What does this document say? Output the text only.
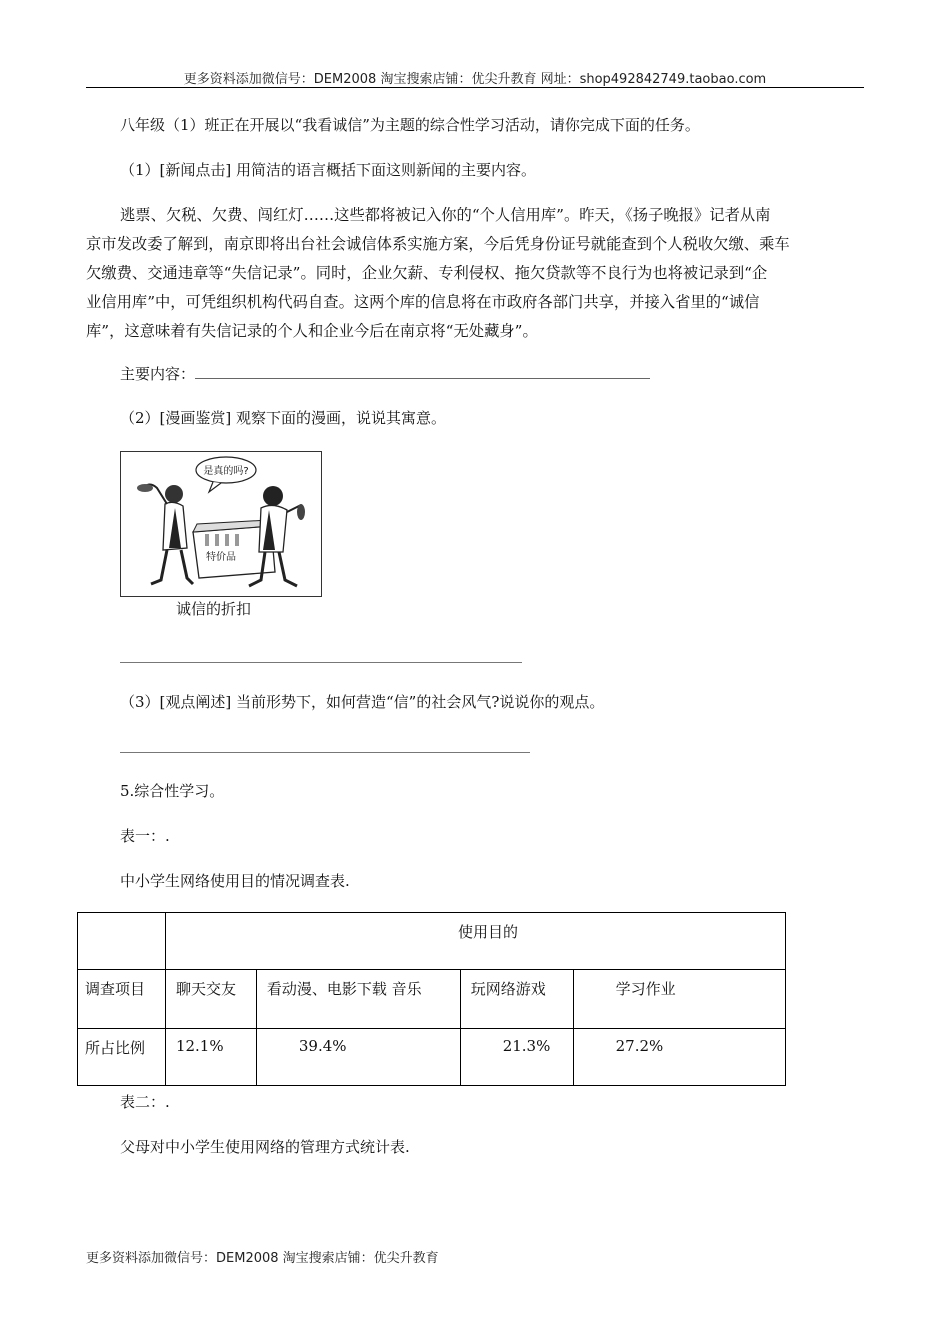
更多资料添加微信号：DEM2008 淘宝搜索店铺：优尖升教育 网址：shop492842749.taobao.com
八年级（1）班正在开展以“我看诚信”为主题的综合性学习活动，请你完成下面的任务。
（1）[新闻点击] 用简洁的语言概括下面这则新闻的主要内容。
逃票、欠税、欠费、闯红灯……这些都将被记入你的“个人信用库”。昨天，《扬子晚报》记者从南
京市发改委了解到，南京即将出台社会诚信体系实施方案，今后凭身份证号就能查到个人税收欠缴、乘车
欠缴费、交通违章等“失信记录”。同时，企业欠薪、专利侵权、拖欠贷款等不良行为也将被记录到“企
业信用库”中，可凭组织机构代码自查。这两个库的信息将在市政府各部门共享，并接入省里的“诚信
库”，这意味着有失信记录的个人和企业今后在南京将“无处藏身”。
主要内容：
（2）[漫画鉴赏] 观察下面的漫画，说说其寓意。
是真的吗?
特价品
诚信的折扣
（3）[观点阐述] 当前形势下，如何营造“信”的社会风气?说说你的观点。
5.综合性学习。
表一：.
中小学生网络使用目的情况调查表.

	使用目的			

调查项目	聊天交友	看动漫、电影下载 音乐	玩网络游戏	学习作业

所占比例	12.1%	39.4%	21.3%	27.2%
表二：.
父母对中小学生使用网络的管理方式统计表.
更多资料添加微信号：DEM2008 淘宝搜索店铺：优尖升教育
